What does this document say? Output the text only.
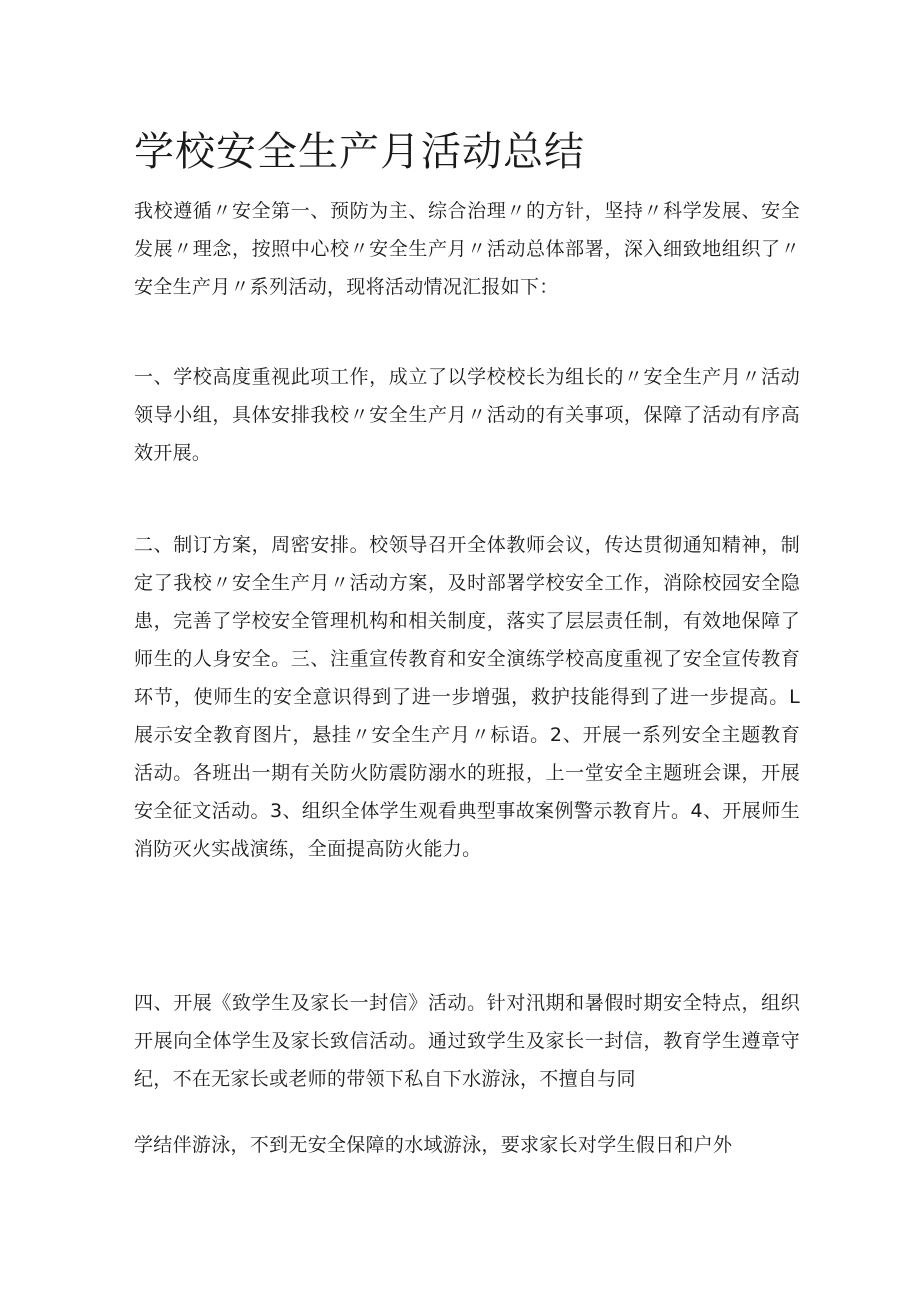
学校安全生产月活动总结

我校遵循〃安全第一、预防为主、综合治理〃的方针，坚持〃科学发展、安全发展〃理念，按照中心校〃安全生产月〃活动总体部署，深入细致地组织了〃安全生产月〃系列活动，现将活动情况汇报如下：

一、学校高度重视此项工作，成立了以学校校长为组长的〃安全生产月〃活动领导小组，具体安排我校〃安全生产月〃活动的有关事项，保障了活动有序高效开展。

二、制订方案，周密安排。校领导召开全体教师会议，传达贯彻通知精神，制定了我校〃安全生产月〃活动方案，及时部署学校安全工作，消除校园安全隐患，完善了学校安全管理机构和相关制度，落实了层层责任制，有效地保障了师生的人身安全。三、注重宣传教育和安全演练学校高度重视了安全宣传教育环节，使师生的安全意识得到了进一步增强，救护技能得到了进一步提高。L展示安全教育图片，悬挂〃安全生产月〃标语。2、开展一系列安全主题教育活动。各班出一期有关防火防震防溺水的班报，上一堂安全主题班会课，开展安全征文活动。3、组织全体学生观看典型事故案例警示教育片。4、开展师生消防灭火实战演练，全面提高防火能力。

四、开展《致学生及家长一封信》活动。针对汛期和暑假时期安全特点，组织开展向全体学生及家长致信活动。通过致学生及家长一封信，教育学生遵章守纪，不在无家长或老师的带领下私自下水游泳，不擅自与同

学结伴游泳，不到无安全保障的水域游泳，要求家长对学生假日和户外
